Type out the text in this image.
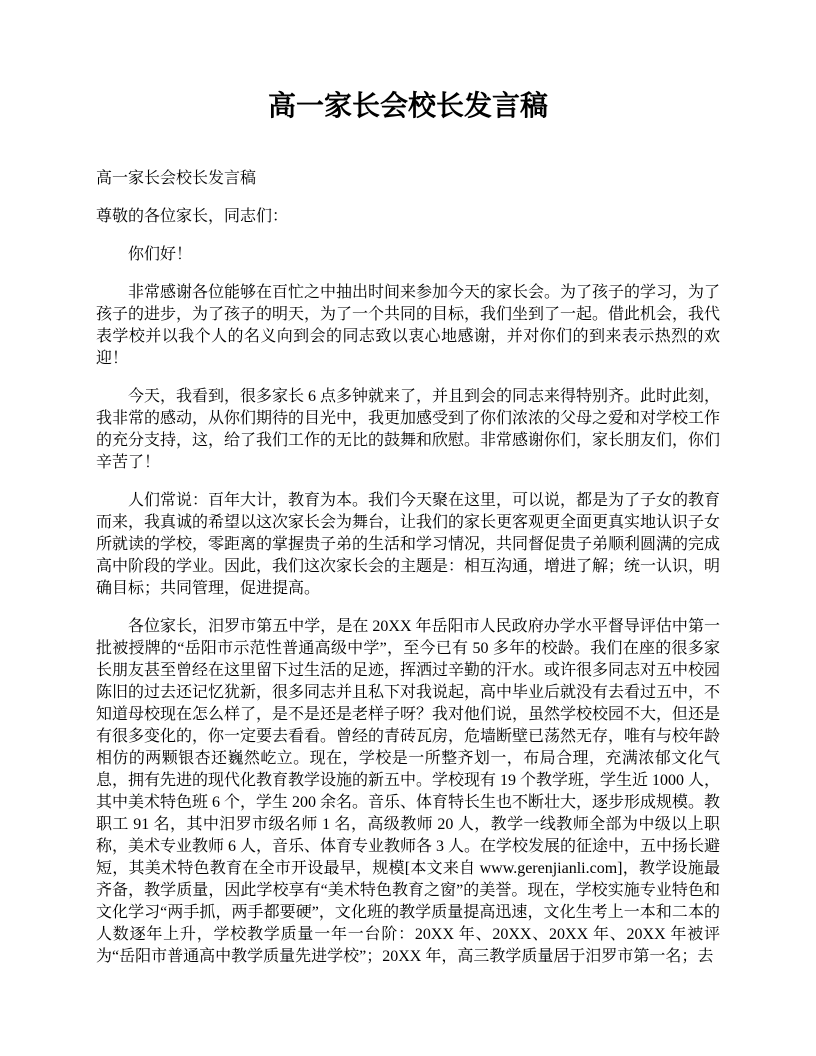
高一家长会校长发言稿

高一家长会校长发言稿

尊敬的各位家长，同志们：

你们好！

非常感谢各位能够在百忙之中抽出时间来参加今天的家长会。为了孩子的学习，为了孩子的进步，为了孩子的明天，为了一个共同的目标，我们坐到了一起。借此机会，我代表学校并以我个人的名义向到会的同志致以衷心地感谢，并对你们的到来表示热烈的欢迎！

今天，我看到，很多家长 6 点多钟就来了，并且到会的同志来得特别齐。此时此刻，我非常的感动，从你们期待的目光中，我更加感受到了你们浓浓的父母之爱和对学校工作的充分支持，这，给了我们工作的无比的鼓舞和欣慰。非常感谢你们，家长朋友们，你们辛苦了！

人们常说：百年大计，教育为本。我们今天聚在这里，可以说，都是为了子女的教育而来，我真诚的希望以这次家长会为舞台，让我们的家长更客观更全面更真实地认识子女所就读的学校，零距离的掌握贵子弟的生活和学习情况，共同督促贵子弟顺利圆满的完成高中阶段的学业。因此，我们这次家长会的主题是：相互沟通，增进了解；统一认识，明确目标；共同管理，促进提高。

各位家长，汨罗市第五中学，是在 20XX 年岳阳市人民政府办学水平督导评估中第一批被授牌的“岳阳市示范性普通高级中学”，至今已有 50 多年的校龄。我们在座的很多家长朋友甚至曾经在这里留下过生活的足迹，挥洒过辛勤的汗水。或许很多同志对五中校园陈旧的过去还记忆犹新，很多同志并且私下对我说起，高中毕业后就没有去看过五中，不知道母校现在怎么样了，是不是还是老样子呀？我对他们说，虽然学校校园不大，但还是有很多变化的，你一定要去看看。曾经的青砖瓦房，危墙断壁已荡然无存，唯有与校年龄相仿的两颗银杏还巍然屹立。现在，学校是一所整齐划一，布局合理，充满浓郁文化气息，拥有先进的现代化教育教学设施的新五中。学校现有 19 个教学班，学生近 1000 人，其中美术特色班 6 个，学生 200 余名。音乐、体育特长生也不断壮大，逐步形成规模。教职工 91 名，其中汨罗市级名师 1 名，高级教师 20 人，教学一线教师全部为中级以上职称，美术专业教师 6 人，音乐、体育专业教师各 3 人。在学校发展的征途中，五中扬长避短，其美术特色教育在全市开设最早，规模[本文来自 www.gerenjianli.com]，教学设施最齐备，教学质量，因此学校享有“美术特色教育之窗”的美誉。现在，学校实施专业特色和文化学习“两手抓，两手都要硬”，文化班的教学质量提高迅速，文化生考上一本和二本的人数逐年上升，学校教学质量一年一台阶：20XX 年、20XX、20XX 年、20XX 年被评为“岳阳市普通高中教学质量先进学校”；20XX 年，高三教学质量居于汨罗市第一名；去
